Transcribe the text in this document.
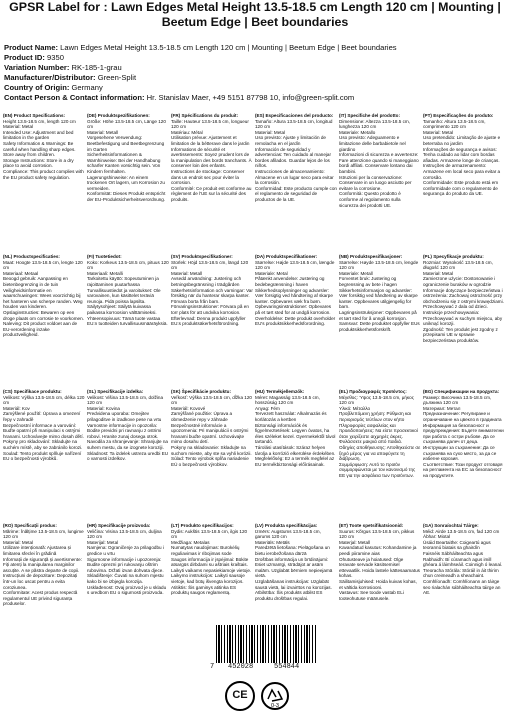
GPSR Label for : Lawn Edges Metal Height 13.5-18.5 cm Length 120 cm | Mounting | Beetum Edge | Beet boundaries
Product Name: Lawn Edges Metal Height 13.5-18.5 cm Length 120 cm | Mounting | Beetum Edge | Beet boundaries
Product ID: 9350
Variation Number: RK-185-1-grau
Manufacturer/Distributor: Green-Split
Country of Origin: Germany
Contact Person & Contact information: Hr. Stanislav Maer, +49 5151 87798 10, info@green-split.com
(EN) Product Specifications:
Height 13.5-18.5 cm, length 120 cm
Material: Metal
Intended Use: Adjustment and bed limitation in the garden
Safety Information & Warnings: Be careful when handling sharp edges. Store away from children.
Storage Instructions: Store in a dry place to avoid corrosion.
Compliance: This product complies with the EU product safety regulation.
(DE) Produktspezifikationen:
Größe: Höhe 13.5-18.5 cm, Länge 120 cm
Material: Metall
Vorgesehene Verwendung: Beetbefestigung und Beetbegrenzung im Garten
Sicherheitsinformationen & Warnhinweise: Bei der Handhabung scharfer Kanten vorsichtig sein. Von Kindern fernhalten.
Lagerungshinweise: An einem trockenen Ort lagern, um Korrosion zu vermeiden.
Konformität: Dieses Produkt entspricht der EU-Produktsicherheitsverordnung.
(FR) Spécifications du produit:
Taille: Hauteur 13.5-18.5 cm, longueur 120 cm
Matériau: Métal
Utilisation prévue: Ajustement et limitation de la bétterave dans le jardin
Informations de sécurité et avertissements: Soyez prudent lors de la manipulation des bords tranchants. À conserver loin des enfants.
Instructions de stockage: Conserver dans un endroit sec pour éviter la corrosion.
Conformité: Ce produit est conforme au règlement de l'UE sur la sécurité des produits.
(ES) Especificaciones del producto:
Tamaño: Altura 13.5-18.5 cm, longitud 120 cm
Material: Metal
Uso previsto: Ajuste y limitación de remolacha en el jardín
Información de seguridad y advertencias: Ten cuidado al manejar bordes afilados. Guardar lejos de los niños.
Instrucciones de almacenamiento: Almacene en un lugar seco para evitar la corrosión.
Conformidad: Este producto cumple con el reglamento de seguridad de productos de la UE.
(IT) Specifiche del prodotto:
Dimensione: Altezza 13.5-18.5 cm, lunghezza 120 cm
Materiale: Metallo
Uso previsto: Adeguamento e limitazione delle barbabietole nel giardino
Informazioni di sicurezza e avvertenze: Fare attenzione quando si maneggiano bordi affilati. Conservare lontano dai bambini.
Istruzioni per la conservazione: Conservare in un luogo asciutto per evitare la corrosione.
Conformità: Questo prodotto è conforme al regolamento sulla sicurezza dei prodotti UE.
(PT) Especificações do produto:
Tamanho: Altura 13.5-18.5 cm, comprimento 120 cm
Material: Metal
Uso pretendido: Limitação de ajuste e beterraba no jardim
Informações de segurança e avisos: Tenha cuidado ao lidar com bordas afiadas. Armazene longe de crianças.
Instruções de armazenamento: Armazene em local seco para evitar a corrosão.
Conformidade: Este produto está em conformidade com o regulamento de segurança do produto da UE.
(NL) Productspecificaties:
Maat: Hoogte 13.5-18.5 cm, lengte 120 cm
Materiaal: Metaal
Beoogd gebruik: Aanpassing en bietenbegrenzing in de tuin
Veiligheidsinformatie en waarschuwingen: Wees voorzichtig bij het hanteren van scherpe randen. Weg houden van kinderen.
Opslaginstructies: Bewaren op een droge plaats om corrosie te voorkomen.
Naleving: Dit product voldoet aan de EU-verordening inzake productveiligheid.
(FI) Tuotetiedot:
Koko: Korkeus 13.5-18.5 cm, pituus 120 cm
Materiaali: Metalli
Tarkoitettu käyttö: Sopeutuminen ja rajoittaminen puutarhassa
Turvallisuustiedot ja varoitukset: Ole varovainen, kun käsittelet teräviä reunoja. Pidä poissa lapsilta.
Säilytysohjeet: Säilytä kuivassa paikassa korroosion välttämiseksi.
Yhteensopivuus: Tämä tuote vastaa EU:n tuotteiden turvallisuusmääräyksiä.
(SV) Produktspecifikationer:
Storlek: Höjd 13.5-18.5 cm, längd 120 cm
Material: Metall
Avsedd användning: Justering och betningsbegränsning i trädgården
Säkerhetsinformation och varningar: Var försiktig när du hanterar skarpa kanter. Förvara borta från barn.
Förvaringsinstruktioner: Förvara på en torr plats för att undvika korrosion.
Efterlevnad: Denna produkt uppfyller EU:s produktsäkerhetsförordning.
(DA) Produktspecifikationer:
Størrelse: Højde 13.5-18.5 cm, længde 120 cm
Materiale: Metal
Påtænkt anvendelse: Justering og bedebegrænsning i haven
Sikkerhedsoplysninger og advarsler: Vær forsigtig ved håndtering af skarpe kanter. Opbevares væk fra børn.
Opbevaringsinstruktioner: Opbevares på et tørt sted for at undgå korrosion.
Overholdelse: Dette produkt overholder EU's produktsikkerhedsforordning.
(NB) Produktspesifikasjoner:
Størrelse: Høyde 13.5-18.5 cm, lengde 120 cm
Materiale: Metall
Forventet bruk: Justering og begrensning av bete i hagen
Sikkerhetsinformasjon og advarsler: Vær forsiktig ved håndtering av skarpe kanter. Oppbevares utilgjengelig for barn.
Lagringsinstruksjoner: Oppbevares på et tørt sted for å unngå korrosjon.
Samsvar: Dette produktet oppfyller EUs produktsikkerhetsforskrift.
(PL) Specyfikacje produktu:
Rozmiar: Wysokość 13.5-18.5 cm, długość 120 cm
Materiał: Metal
Zamierzone użycie: Dostosowanie i ograniczenie buraków w ogrodzie
Informacje dotyczące bezpieczeństwa i ostrzeżenia: Zachowaj ostrożność przy obchodzeniu się z ostrymi krawędziami. Przechowywać z dala od dzieci.
Instrukcje przechowywania: Przechowywać w suchym miejscu, aby uniknąć korozji.
Zgodność: Ten produkt jest zgodny z przepisami UE w sprawie bezpieczeństwa produktów.
(CS) Specifikace produktu:
Velikost: Výška 13.5-18.5 cm, délka 120 cm
Materiál: Kov
Zamýšlené použití: Úprava a omezení řepy v zahradě
Bezpečnostní informace a varování: Buďte opatrní při manipulaci s ostrými hranami. Uchovávejte mimo dosah dětí.
Pokyny pro skladování: Skladujte na suchém místě, aby se zabránilo korozi.
Soulad: Tento produkt splňuje nařízení EU o bezpečnosti výrobků.
(SL) Specifikacije izdelka:
Velikost: Višina 13.5-18.5 cm, dolžina 120 cm
Material: Kovina
Predvidena uporaba: Omejitev prilagoditve in izadkove pese na vrtu
Varnostne informacije in opozorila: Bodite previdni pri ravnanju z ostrimi robovi. Hranite zunaj dosega otrok.
Navodila za shranjevanje: Shranjujte na suhem mestu, da se izognete koroziji.
Skladnost: Ta izdelek ustreza uredbi EU o varnosti izdelkov.
(SK) Špecifikácie produktu:
Veľkosť: Výška 13.5-18.5 cm, dĺžka 120 cm
Materiál: Kovové
Zamýšľané použitie: Úprava a obmedzenie repy v záhrade
Bezpečnostné informácie a upozornenia: Pri manipulácii s ostrými hranami buďte opatrní. Uchovávajte mimo dosahu detí.
Pokyny na skladovanie: Skladujte na suchom mieste, aby ste sa vyhli korózii.
Súlad: Tento výrobok spĺňa nariadenie EÚ o bezpečnosti výrobkov.
(HU) Termékjellemzők:
Méret: Magasság 13.5-18.5 cm, hosszúság 120 cm
Anyag: Fém
Tervezett használat: Alkalmazás és korlátozás a kertben
Biztonsági információk és figyelmeztetések: Legyen óvatos, ha éles széleket kezel. Gyermekektől távol tartandó.
Tárolási utasítások: Száraz helyen tárolja a korrózió elkerülése érdekében.
Megfelelőség: Ez a termék megfelel az EU termékbiztonsági előírásainak.
(EL) Προδιαγραφές προϊόντος:
Μέγεθος: Ύψος 13.5-18.5 cm, μήκος 120 cm
Υλικό: Μέταλλο
Προβλεπόμενη χρήση: Ρύθμιση και περιορισμός τεύτλων στον κήπο
Πληροφορίες ασφαλείας και προειδοποιήσεις: Να είστε προσεκτικοί όταν χειρίζεστε αιχμηρές άκρες. Φυλάσσετε μακριά από παιδιά.
Οδηγίες αποθήκευσης: Αποθηκεύστε σε ξηρό μέρος για να αποφύγετε τη διάβρωση.
Συμμόρφωση: Αυτό το προϊόν συμμορφώνεται με τον κανονισμό της ΕΕ για την ασφάλεια των προϊόντων.
(BG) Спецификации на продукта:
Размер: Височина 13.5-18.5 cm, дължина 120 cm
Материал: Метал
Предназначение: Регулиране и ограничаване на цвекло в градината
Информация за безопасност и предупреждения: Бъдете внимателни при работа с остри ръбове. Да се съхранява далеч от деца.
Инструкции за съхранение: Да се съхранява на сухо място, за да се избегне корозия.
Съответствие: Този продукт отговаря на регламента на ЕС за безопасност на продуктите.
(RO) Specificații produs:
Mărime: Înălțime 13.5-18.5 cm, lungime 120 cm
Material: Metal
Utilizare intenționată: Ajustarea și limitarea sfeclei în grădină
Informații de siguranță și avertismente: Fiți atenți la manipularea marginilor ascuțite. A se păstra departe de copii.
Instrucțiuni de depozitare: Depozitați într-un loc uscat pentru a evita coroziunea.
Conformitate: Acest produs respectă regulamentul UE privind siguranța produselor.
(HR) Specifikacije proizvoda:
Veličina: Visina 13.5-18.5 cm, duljina 120 cm
Materijal: Metal
Namjena: Ograničenje za prilagodbu i gredice u vrtu
Sigurnosne informacije i upozorenja: Budite oprezni pri rukovanju oštrim rubovima. Držati izvan dohvata djece.
Skladištenje: Čuvati na suhom mjestu kako bi se izbjegla korozija.
Usklađenost: Ovaj proizvod je u skladu s uredbom EU o sigurnosti proizvoda.
(LT) Produkto specifikacijos:
Dydis: Aukštis 13.5-18.5 cm, ilgis 120 cm
Medžiaga: Metalas
Numatytas naudojimas: Burokėlių reguliavimas ir ribojimas sode
Saugos informacija ir įspėjimai: Būkite atsargūs dirbdami su aštriais kraštais. Laikyti vaikams nepasiekiamoje vietoje.
Laikymo instrukcijos: Laikyti sausoje vietoje, kad būtų išvengta korozijos.
Atitiktis: Šis gaminys atitinka ES produktų saugos reglamentą.
(LV) Produkta specifikācijas:
Izmērs: Augstums 13.5-18.5 cm, garums 120 cm
Materiāls: Metāls
Paredzētā lietošana: Pielāgošana un bietu ierobežošana dārzā
Drošības informācija un brīdinājumi: Esiet uzmanīgi, strādājot ar asām malām. Uzglabāt bērniem nepieejamā vietā.
Uzglabāšanas instrukcijas: Uzglabāt sausā vietā, lai izvairītos no korozijas.
Atbilstība: Šis produkts atbilst ES produktu drošības regulai.
(ET) Toote spetsifikatsioonid:
Suurus: Kõrgus 13.5-18.5 cm, pikkus 120 cm
Materjal: Metall
Kavandatud kasutus: Kohandamine ja peedi piiramine aias
Ohutusteave ja hoiatused: Olge teravate servade käsitsemisel ettevaatlik. Hoida lastele kättesaamatus kohas.
Säilitamisjuhised: Hoida kuivas kohas, et vältida korrosiooni.
Vastavus: See toode vastab ELi tooteohutuse määrusele.
(GA) Sonraíochtaí Táirge:
Méid: Airde 13.5-18.5 cm, fad 120 cm
Ábhar: Miotal
Úsáid Beartaithe: Coigeartú agus teorannú biatais sa ghairdín
Faisnéis Sábháilteachta agus Rabhaidh: Bí cúramach agus imill ghéara á láimhseáil. Coinnigh ó leanaí.
Treoracha Stórála: Stóráil in áit thirim chun creimeadh a sheachaint.
Comhlíonadh: Comhlíonann an táirge seo rialachán sábháilteachta táirge an AE.
7 452028	554844
CE
0-3
